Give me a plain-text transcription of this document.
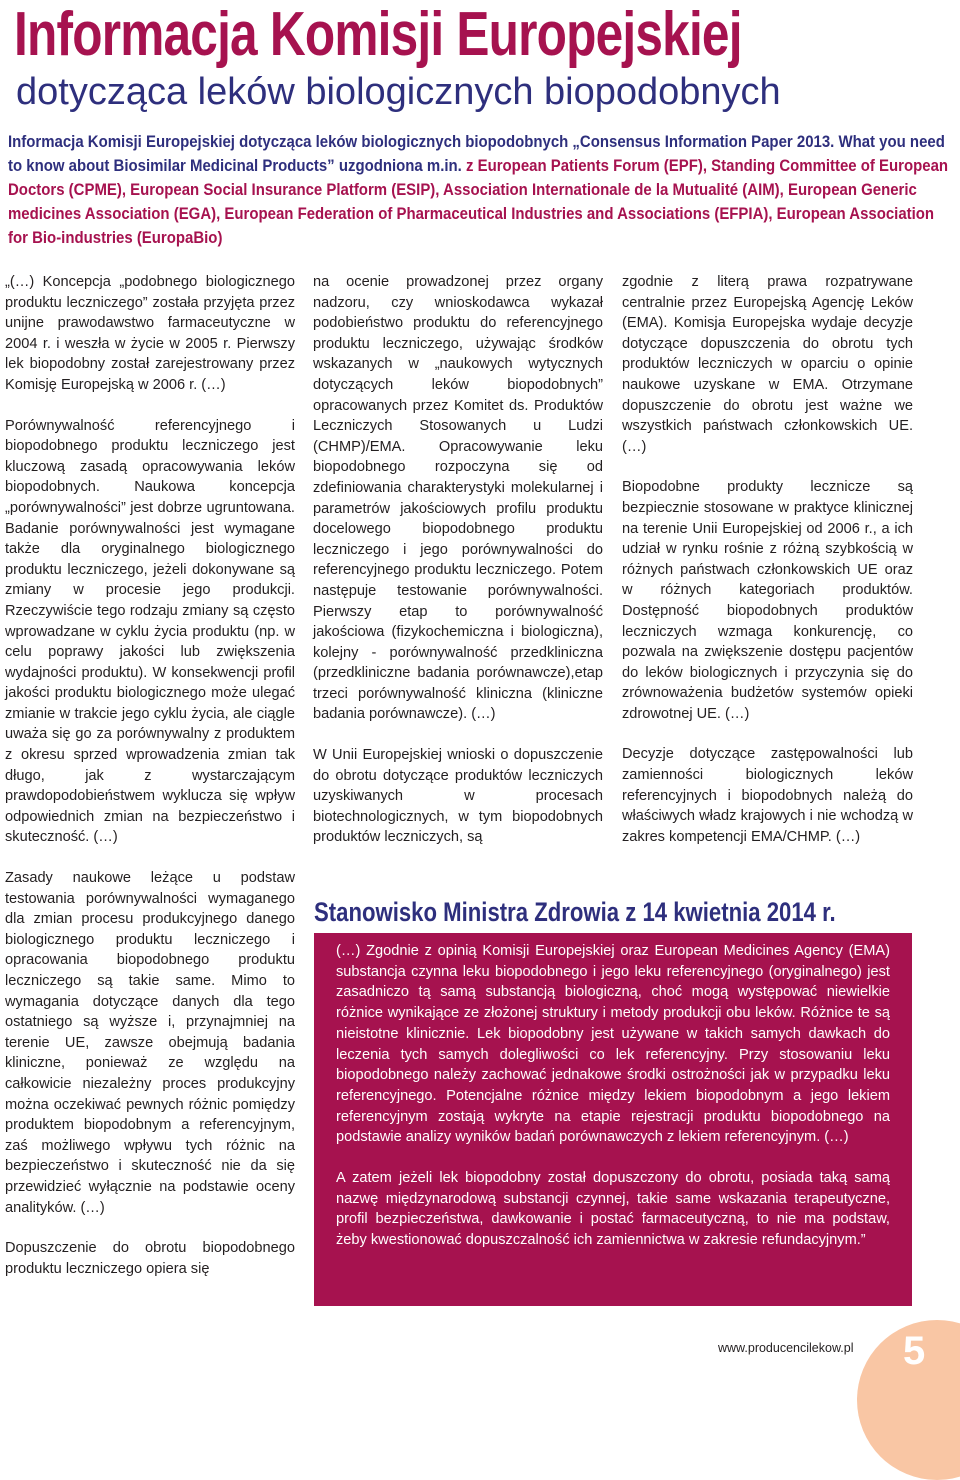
Informacja Komisji Europejskiej
dotycząca leków biologicznych biopodobnych
Informacja Komisji Europejskiej dotycząca leków biologicznych biopodobnych „Consensus Information Paper 2013. What you need to know about Biosimilar Medicinal Products” uzgodniona m.in. z European Patients Forum (EPF), Standing Committee of European Doctors (CPME), European Social Insurance Platform (ESIP), Association Internationale de la Mutualité (AIM), European Generic medicines Association (EGA), European Federation of Pharmaceutical Industries and Associations (EFPIA), European Association for Bio-industries (EuropaBio)

„(…) Koncepcja „podobnego biologicznego produktu leczniczego” została przyjęta przez unijne prawodawstwo farmaceutyczne w 2004 r. i weszła w życie w 2005 r. Pierwszy lek biopodobny został zarejestrowany przez Komisję Europejską w 2006 r. (…)

Porównywalność referencyjnego i biopodobnego produktu leczniczego jest kluczową zasadą opracowywania leków biopodobnych. Naukowa koncepcja „porównywalności” jest dobrze ugruntowana. Badanie porównywalności jest wymagane także dla oryginalnego biologicznego produktu leczniczego, jeżeli dokonywane są zmiany w procesie jego produkcji. Rzeczywiście tego rodzaju zmiany są często wprowadzane w cyklu życia produktu (np. w celu poprawy jakości lub zwiększenia wydajności produktu). W konsekwencji profil jakości produktu biologicznego może ulegać zmianie w trakcie jego cyklu życia, ale ciągle uważa się go za porównywalny z produktem z okresu sprzed wprowadzenia zmian tak długo, jak z wystarczającym prawdopodobieństwem wyklucza się wpływ odpowiednich zmian na bezpieczeństwo i skuteczność. (…)

Zasady naukowe leżące u podstaw testowania porównywalności wymaganego dla zmian procesu produkcyjnego danego biologicznego produktu leczniczego i opracowania biopodobnego produktu leczniczego są takie same. Mimo to wymagania dotyczące danych dla tego ostatniego są wyższe i, przynajmniej na terenie UE, zawsze obejmują badania kliniczne, ponieważ ze względu na całkowicie niezależny proces produkcyjny można oczekiwać pewnych różnic pomiędzy produktem biopodobnym a referencyjnym, zaś możliwego wpływu tych różnic na bezpieczeństwo i skuteczność nie da się przewidzieć wyłącznie na podstawie oceny analityków. (…)

Dopuszczenie do obrotu biopodobnego produktu leczniczego opiera się

na ocenie prowadzonej przez organy nadzoru, czy wnioskodawca wykazał podobieństwo produktu do referencyjnego produktu leczniczego, używając środków wskazanych w „naukowych wytycznych dotyczących leków biopodobnych” opracowanych przez Komitet ds. Produktów Leczniczych Stosowanych u Ludzi (CHMP)/EMA. Opracowywanie leku biopodobnego rozpoczyna się od zdefiniowania charakterystyki molekularnej i parametrów jakościowych profilu produktu docelowego biopodobnego produktu leczniczego i jego porównywalności do referencyjnego produktu leczniczego. Potem następuje testowanie porównywalności. Pierwszy etap to porównywalność jakościowa (fizykochemiczna i biologiczna), kolejny - porównywalność przedkliniczna (przedkliniczne badania porównawcze),etap trzeci porównywalność kliniczna (kliniczne badania porównawcze). (…)

W Unii Europejskiej wnioski o dopuszczenie do obrotu dotyczące produktów leczniczych uzyskiwanych w procesach biotechnologicznych, w tym biopodobnych produktów leczniczych, są

zgodnie z literą prawa rozpatrywane centralnie przez Europejską Agencję Leków (EMA). Komisja Europejska wydaje decyzje dotyczące dopuszczenia do obrotu tych produktów leczniczych w oparciu o opinie naukowe uzyskane w EMA. Otrzymane dopuszczenie do obrotu jest ważne we wszystkich państwach członkowskich UE. (…)

Biopodobne produkty lecznicze są bezpiecznie stosowane w praktyce klinicznej na terenie Unii Europejskiej od 2006 r., a ich udział w rynku rośnie z różną szybkością w różnych państwach członkowskich UE oraz w różnych kategoriach produktów. Dostępność biopodobnych produktów leczniczych wzmaga konkurencję, co pozwala na zwiększenie dostępu pacjentów do leków biologicznych i przyczynia się do zrównoważenia budżetów systemów opieki zdrowotnej UE. (…)

Decyzje dotyczące zastępowalności lub zamienności biologicznych leków referencyjnych i biopodobnych należą do właściwych władz krajowych i nie wchodzą w zakres kompetencji EMA/CHMP. (…)

Stanowisko Ministra Zdrowia z 14 kwietnia 2014 r.

(…) Zgodnie z opinią Komisji Europejskiej oraz European Medicines Agency (EMA) substancja czynna leku biopodobnego i jego leku referencyjnego (oryginalnego) jest zasadniczo tą samą substancją biologiczną, choć mogą występować niewielkie różnice wynikające ze złożonej struktury i metody produkcji obu leków. Różnice te są nieistotne klinicznie. Lek biopodobny jest używane w takich samych dawkach do leczenia tych samych dolegliwości co lek referencyjny. Przy stosowaniu leku biopodobnego należy zachować jednakowe środki ostrożności jak w przypadku leku referencyjnego. Potencjalne różnice między lekiem biopodobnym a jego lekiem referencyjnym zostają wykryte na etapie rejestracji produktu biopodobnego na podstawie analizy wyników badań porównawczych z lekiem referencyjnym. (…)

A zatem jeżeli lek biopodobny został dopuszczony do obrotu, posiada taką samą nazwę międzynarodową substancji czynnej, takie same wskazania terapeutyczne, profil bezpieczeństwa, dawkowanie i postać farmaceutyczną, to nie ma podstaw, żeby kwestionować dopuszczalność ich zamiennictwa w zakresie refundacyjnym.”

www.producencilekow.pl 5
